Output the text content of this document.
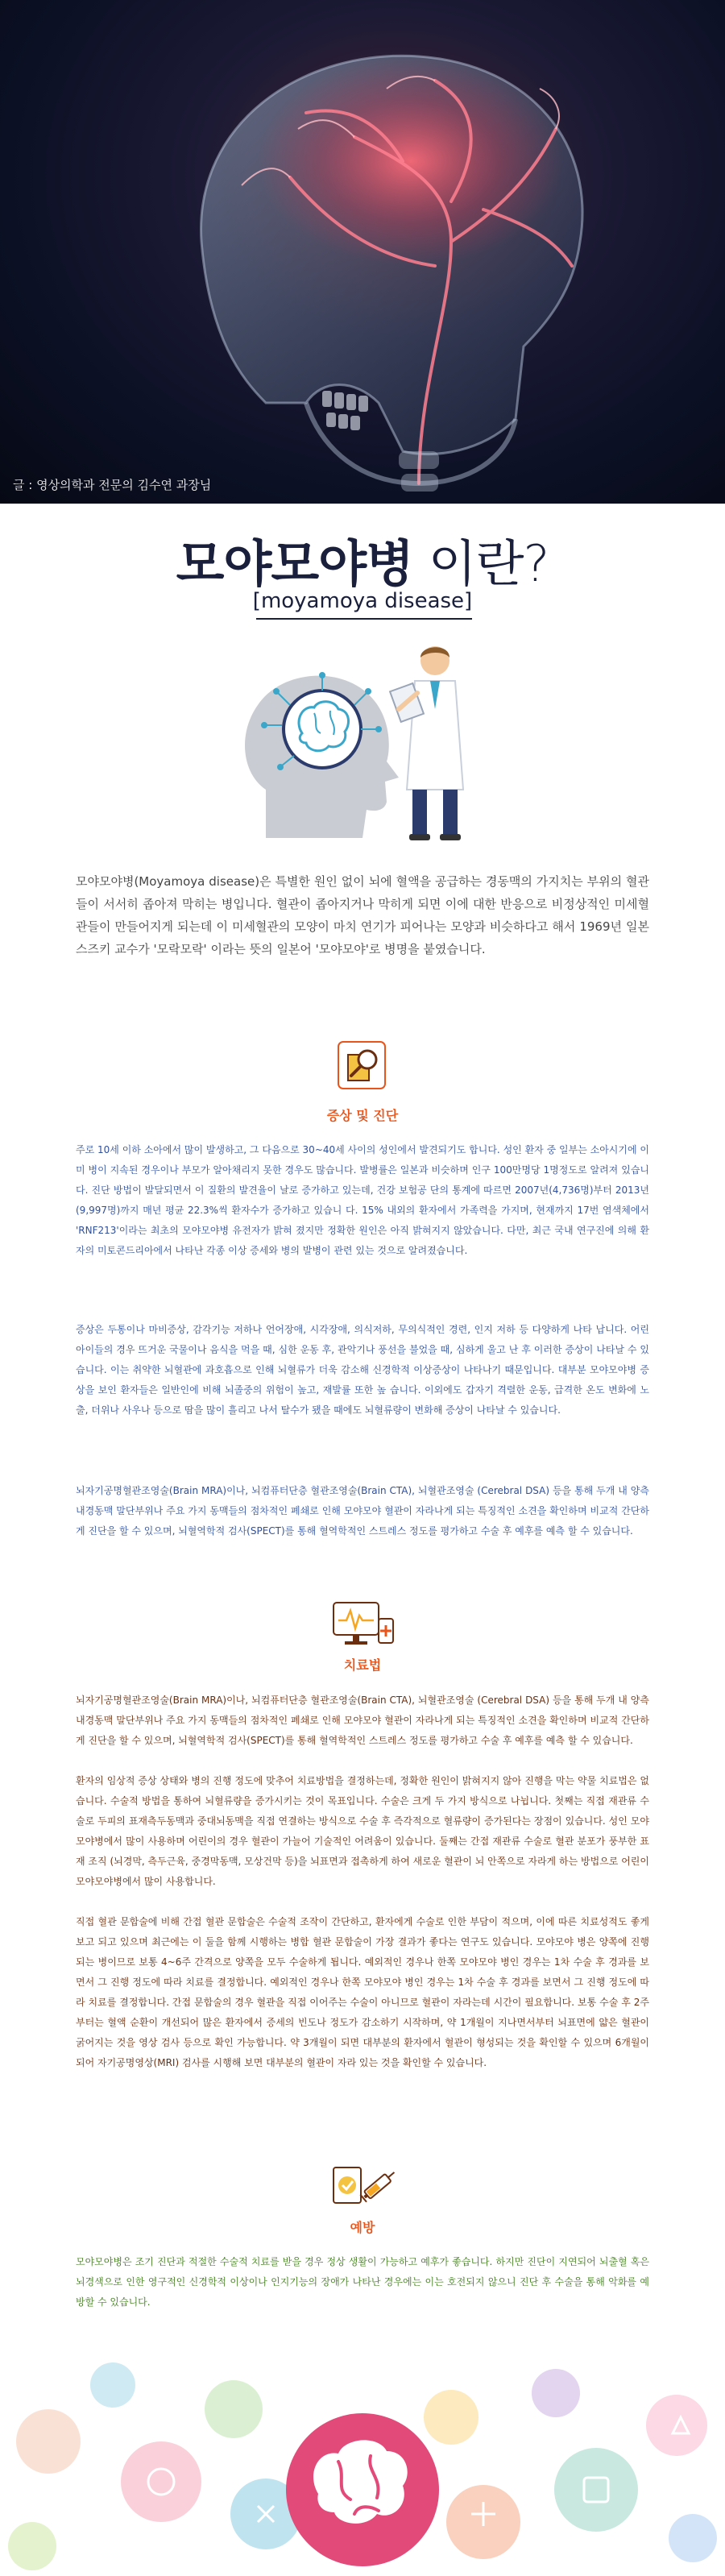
글 : 영상의학과 전문의 김수연 과장님
모야모야병 이란?
[moyamoya disease]

모야모야병(Moyamoya disease)은 특별한 원인 없이 뇌에 혈액을 공급하는 경동맥의 가지치는 부위의 혈관들이 서서히 좁아져 막히는 병입니다. 혈관이 좁아지거나 막히게 되면 이에 대한 반응으로 비정상적인 미세혈관들이 만들어지게 되는데 이 미세혈관의 모양이 마치 연기가 피어나는 모양과 비슷하다고 해서 1969년 일본 스즈키 교수가 '모락모락' 이라는 뜻의 일본어 '모야모야'로 병명을 붙였습니다.

증상 및 진단

주로 10세 이하 소아에서 많이 발생하고, 그 다음으로 30~40세 사이의 성인에서 발견되기도 합니다. 성인 환자 중 일부는 소아시기에 이미 병이 지속된 경우이나 부모가 알아채리지 못한 경우도 많습니다. 발병률은 일본과 비슷하며 인구 100만명당 1명정도로 알려져 있습니다. 진단 방법이 발달되면서 이 질환의 발견율이 날로 증가하고 있는데, 건강 보험공 단의 통계에 따르면 2007년(4,736명)부터 2013년(9,997명)까지 매년 평균 22.3%씩 환자수가 증가하고 있습니 다. 15% 내외의 환자에서 가족력을 가지며, 현재까지 17번 염색체에서 'RNF213'이라는 최초의 모야모야병 유전자가 밝혀 졌지만 정확한 원인은 아직 밝혀지지 않았습니다. 다만, 최근 국내 연구진에 의해 환자의 미토콘드리아에서 나타난 각종 이상 증세와 병의 발병이 관련 있는 것으로 알려졌습니다.

증상은 두통이나 마비증상, 감각기능 저하나 언어장애, 시각장애, 의식저하, 무의식적인 경련, 인지 저하 등 다양하게 나타 납니다. 어린 아이들의 경우 뜨거운 국물이나 음식을 먹을 때, 심한 운동 후, 관악기나 풍선을 불었을 때, 심하게 울고 난 후 이러한 증상이 나타날 수 있습니다. 이는 취약한 뇌혈관에 과호흡으로 인해 뇌혈류가 더욱 감소해 신경학적 이상증상이 나타나기 때문입니다. 대부분 모야모야병 증상을 보인 환자들은 일반인에 비해 뇌졸중의 위험이 높고, 재발률 또한 높 습니다. 이외에도 갑자기 격렬한 운동, 급격한 온도 변화에 노출, 더위나 사우나 등으로 땀을 많이 흘리고 나서 탈수가 됐을 때에도 뇌혈류량이 변화해 증상이 나타날 수 있습니다.

뇌자기공명혈관조영술(Brain MRA)이나, 뇌컴퓨터단층 혈관조영술(Brain CTA), 뇌혈관조영술 (Cerebral DSA) 등을 통해 두개 내 양측 내경동맥 말단부위나 주요 가지 동맥들의 점차적인 폐쇄로 인해 모야모야 혈관이 자라나게 되는 특징적인 소견을 확인하며 비교적 간단하게 진단을 할 수 있으며, 뇌혈역학적 검사(SPECT)를 통해 혈역학적인 스트레스 정도를 평가하고 수술 후 예후를 예측 할 수 있습니다.

치료법

뇌자기공명혈관조영술(Brain MRA)이나, 뇌컴퓨터단층 혈관조영술(Brain CTA), 뇌혈관조영술 (Cerebral DSA) 등을 통해 두개 내 양측 내경동맥 말단부위나 주요 가지 동맥들의 점차적인 폐쇄로 인해 모야모야 혈관이 자라나게 되는 특징적인 소견을 확인하며 비교적 간단하게 진단을 할 수 있으며, 뇌혈역학적 검사(SPECT)를 통해 혈역학적인 스트레스 정도를 평가하고 수술 후 예후를 예측 할 수 있습니다.

환자의 임상적 증상 상태와 병의 진행 정도에 맞추어 치료방법을 결정하는데, 정확한 원인이 밝혀지지 않아 진행을 막는 약물 치료법은 없습니다. 수술적 방법을 통하여 뇌혈류량을 증가시키는 것이 목표입니다. 수술은 크게 두 가지 방식으로 나뉩니다. 첫째는 직접 재관류 수술로 두피의 표재측두동맥과 중대뇌동맥을 직접 연결하는 방식으로 수술 후 즉각적으로 혈류량이 증가된다는 장점이 있습니다. 성인 모야모야병에서 많이 사용하며 어린이의 경우 혈관이 가늘어 기술적인 어려움이 있습니다. 둘째는 간접 재관류 수술로 혈관 분포가 풍부한 표재 조직 (뇌경막, 측두근육, 중경막동맥, 모상건막 등)을 뇌표면과 접촉하게 하여 새로운 혈관이 뇌 안쪽으로 자라게 하는 방법으로 어린이 모야모야병에서 많이 사용합니다.

직접 혈관 문합술에 비해 간접 혈관 문합술은 수술적 조작이 간단하고, 환자에게 수술로 인한 부담이 적으며, 이에 따른 치료성적도 좋게 보고 되고 있으며 최근에는 이 둘을 함께 시행하는 병합 혈관 문합술이 가장 결과가 좋다는 연구도 있습니다. 모야모야 병은 양쪽에 진행되는 병이므로 보통 4~6주 간격으로 양쪽을 모두 수술하게 됩니다. 예외적인 경우나 한쪽 모야모야 병인 경우는 1차 수술 후 경과를 보면서 그 진행 정도에 따라 치료를 결정합니다. 예외적인 경우나 한쪽 모야모야 병인 경우는 1차 수술 후 경과를 보면서 그 진행 정도에 따라 치료를 결정합니다. 간접 문합술의 경우 혈관을 직접 이어주는 수술이 아니므로 혈관이 자라는데 시간이 필요합니다. 보통 수술 후 2주부터는 혈액 순환이 개선되어 많은 환자에서 증세의 빈도나 정도가 감소하기 시작하며, 약 1개월이 지나면서부터 뇌표면에 얇은 혈관이 굵어지는 것을 영상 검사 등으로 확인 가능합니다. 약 3개월이 되면 대부분의 환자에서 혈관이 형성되는 것을 확인할 수 있으며 6개월이 되어 자기공명영상(MRI) 검사를 시행해 보면 대부분의 혈관이 자라 있는 것을 확인할 수 있습니다.

예방

모야모야병은 조기 진단과 적절한 수술적 치료를 받을 경우 정상 생활이 가능하고 예후가 좋습니다. 하지만 진단이 지연되어 뇌출혈 혹은 뇌경색으로 인한 영구적인 신경학적 이상이나 인지기능의 장애가 나타난 경우에는 이는 호전되지 않으니 진단 후 수술을 통해 악화를 예방할 수 있습니다.
